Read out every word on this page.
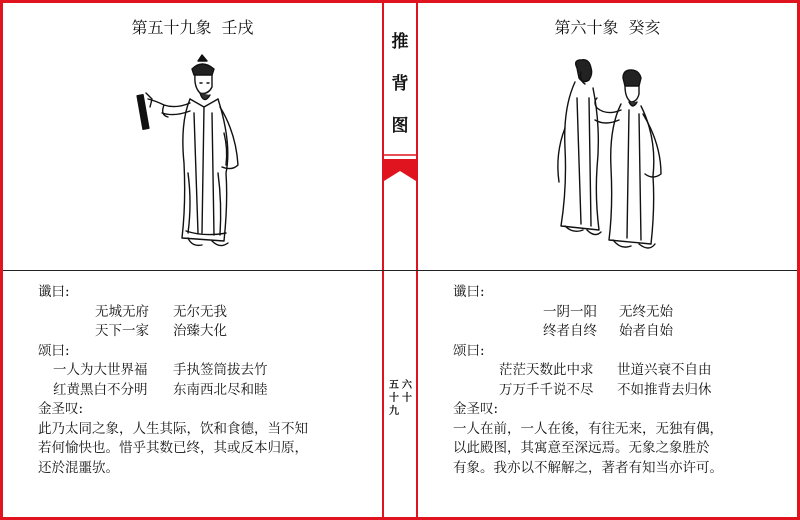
第五十九象 壬戌
谶曰:
无城无府	无尔无我
天下一家	治臻大化
颂曰:
一人为大世界福	手执签筒拔去竹
红黄黑白不分明	东南西北尽和睦
金圣叹:
此乃太同之象，人生其际，饮和食德，当不知
若何愉快也。惜乎其数已终，其或反本归原，
还於混噩欤。
推
背
图
六
十
五
十
九
第六十象 癸亥
谶曰:
一阴一阳	无终无始
终者自终	始者自始
颂曰:
茫茫天数此中求	世道兴衰不自由
万万千千说不尽	不如推背去归休
金圣叹:
一人在前，一人在後，有往无来，无独有偶，
以此殿图，其寓意至深远焉。无象之象胜於
有象。我亦以不解解之，著者有知当亦许可。
